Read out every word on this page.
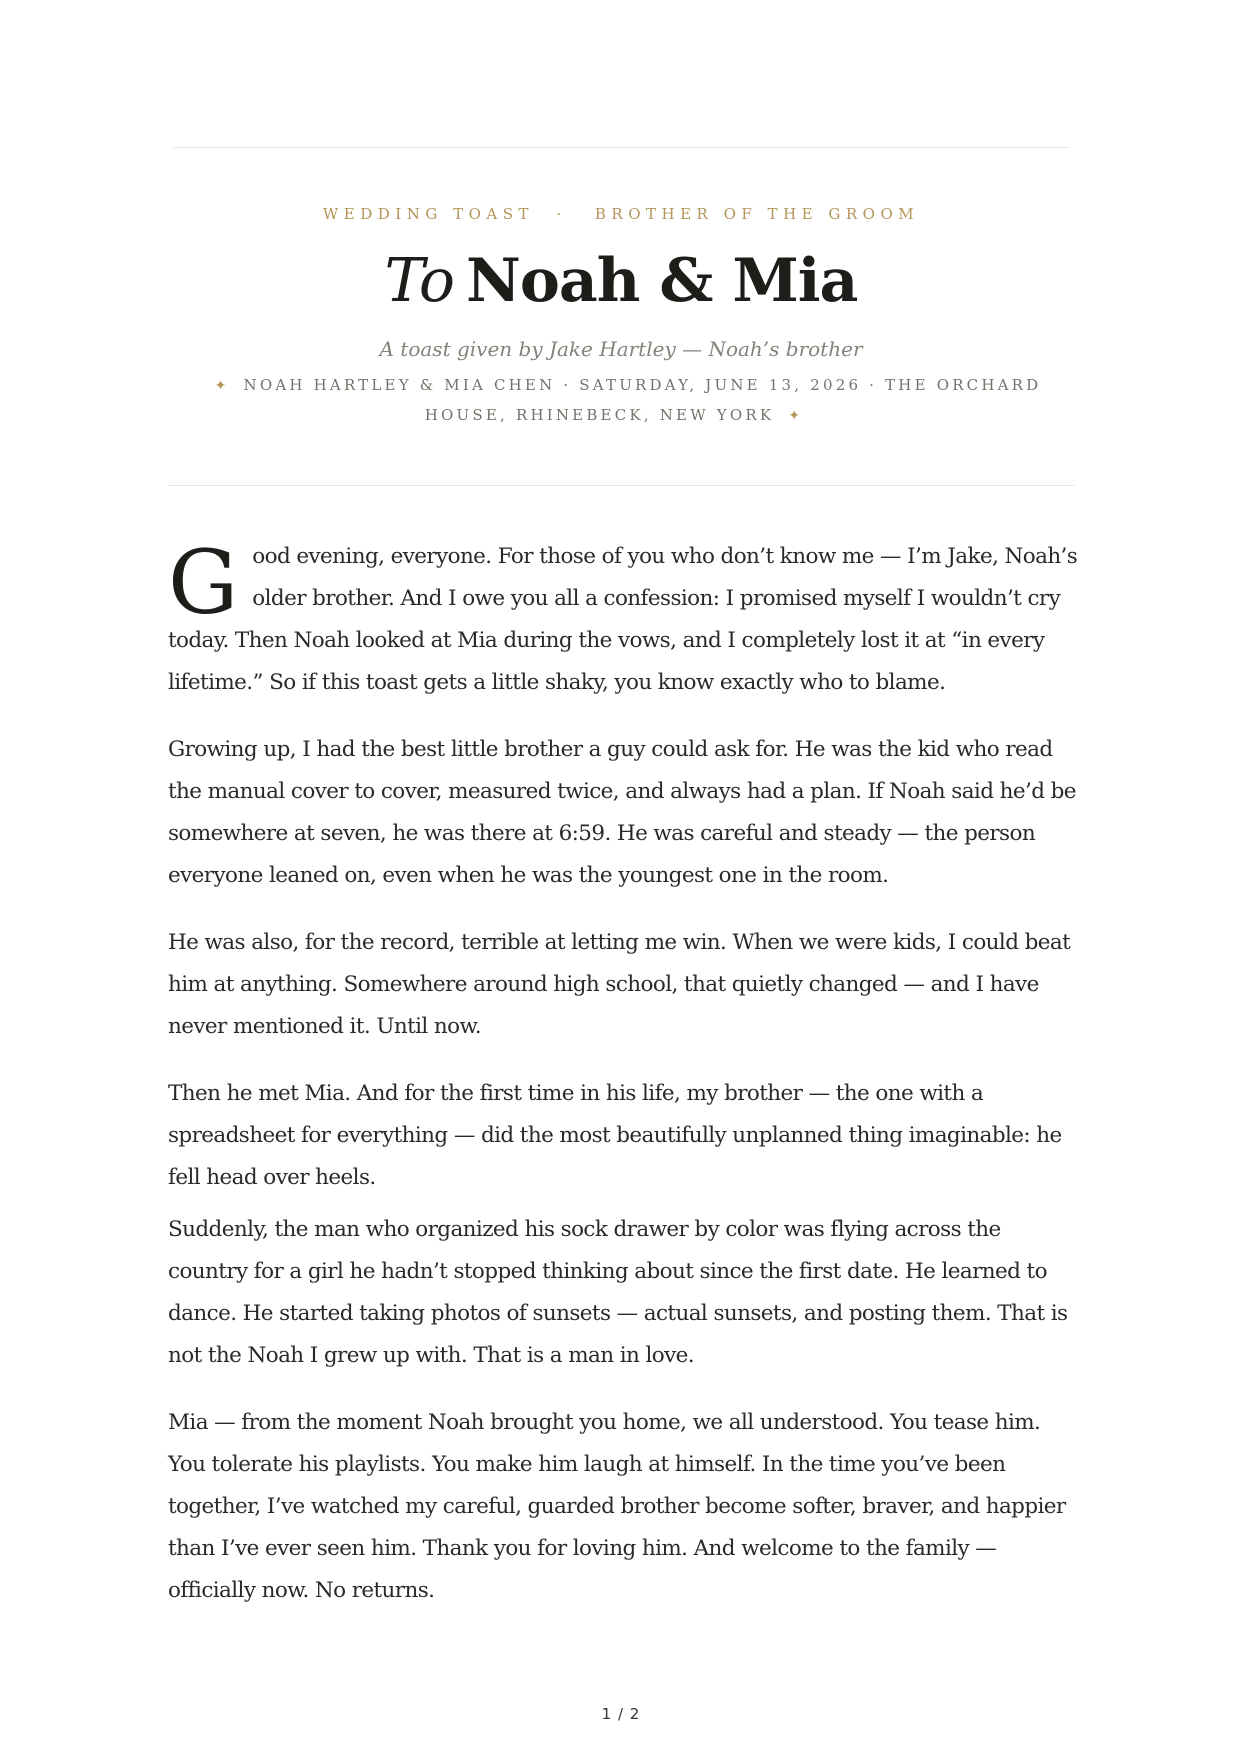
WEDDING TOAST · BROTHER OF THE GROOM
To Noah & Mia
A toast given by Jake Hartley — Noah’s brother
✦ NOAH HARTLEY & MIA CHEN · SATURDAY, JUNE 13, 2026 · THE ORCHARD HOUSE, RHINEBECK, NEW YORK ✦

Good evening, everyone. For those of you who don’t know me — I’m Jake, Noah’s older brother. And I owe you all a confession: I promised myself I wouldn’t cry today. Then Noah looked at Mia during the vows, and I completely lost it at “in every lifetime.” So if this toast gets a little shaky, you know exactly who to blame.

Growing up, I had the best little brother a guy could ask for. He was the kid who read the manual cover to cover, measured twice, and always had a plan. If Noah said he’d be somewhere at seven, he was there at 6:59. He was careful and steady — the person everyone leaned on, even when he was the youngest one in the room.

He was also, for the record, terrible at letting me win. When we were kids, I could beat him at anything. Somewhere around high school, that quietly changed — and I have never mentioned it. Until now.

Then he met Mia. And for the first time in his life, my brother — the one with a spreadsheet for everything — did the most beautifully unplanned thing imaginable: he fell head over heels.

Suddenly, the man who organized his sock drawer by color was flying across the country for a girl he hadn’t stopped thinking about since the first date. He learned to dance. He started taking photos of sunsets — actual sunsets, and posting them. That is not the Noah I grew up with. That is a man in love.

Mia — from the moment Noah brought you home, we all understood. You tease him. You tolerate his playlists. You make him laugh at himself. In the time you’ve been together, I’ve watched my careful, guarded brother become softer, braver, and happier than I’ve ever seen him. Thank you for loving him. And welcome to the family — officially now. No returns.

1 / 2
